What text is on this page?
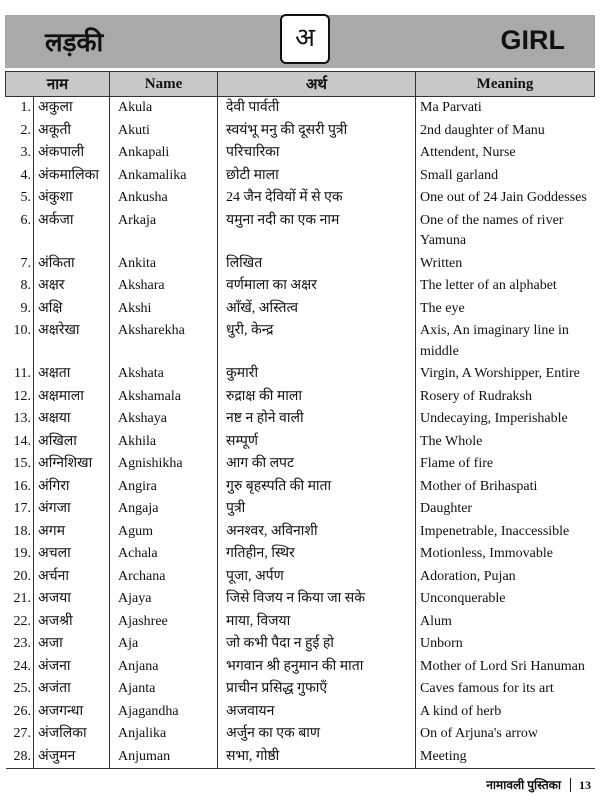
लड़की	अ	GIRL
नाम		Name	अर्थ	Meaning
1.	अकुला	Akula	देवी पार्वती	Ma Parvati
2.	अकूती	Akuti	स्वयंभू मनु की दूसरी पुत्री	2nd daughter of Manu
3.	अंकपाली	Ankapali	परिचारिका	Attendent, Nurse
4.	अंकमालिका	Ankamalika	छोटी माला	Small garland
5.	अंकुशा	Ankusha	24 जैन देवियों में से एक	One out of 24 Jain Goddesses
6.	अर्कजा	Arkaja	यमुना नदी का एक नाम	One of the names of river Yamuna
7.	अंकिता	Ankita	लिखित	Written
8.	अक्षर	Akshara	वर्णमाला का अक्षर	The letter of an alphabet
9.	अक्षि	Akshi	आँखें, अस्तित्व	The eye
10.	अक्षरेखा	Aksharekha	धुरी, केन्द्र	Axis, An imaginary line in middle
11.	अक्षता	Akshata	कुमारी	Virgin, A Worshipper, Entire
12.	अक्षमाला	Akshamala	रुद्राक्ष की माला	Rosery of Rudraksh
13.	अक्षया	Akshaya	नष्ट न होने वाली	Undecaying, Imperishable
14.	अखिला	Akhila	सम्पूर्ण	The Whole
15.	अग्निशिखा	Agnishikha	आग की लपट	Flame of fire
16.	अंगिरा	Angira	गुरु बृहस्पति की माता	Mother of Brihaspati
17.	अंगजा	Angaja	पुत्री	Daughter
18.	अगम	Agum	अनश्वर, अविनाशी	Impenetrable, Inaccessible
19.	अचला	Achala	गतिहीन, स्थिर	Motionless, Immovable
20.	अर्चना	Archana	पूजा, अर्पण	Adoration, Pujan
21.	अजया	Ajaya	जिसे विजय न किया जा सके	Unconquerable
22.	अजश्री	Ajashree	माया, विजया	Alum
23.	अजा	Aja	जो कभी पैदा न हुई हो	Unborn
24.	अंजना	Anjana	भगवान श्री हनुमान की माता	Mother of Lord Sri Hanuman
25.	अजंता	Ajanta	प्राचीन प्रसिद्ध गुफाएँ	Caves famous for its art
26.	अजगन्धा	Ajagandha	अजवायन	A kind of herb
27.	अंजलिका	Anjalika	अर्जुन का एक बाण	On of Arjuna's arrow
28.	अंजुमन	Anjuman	सभा, गोष्ठी	Meeting
नामावली पुस्तिका 13
